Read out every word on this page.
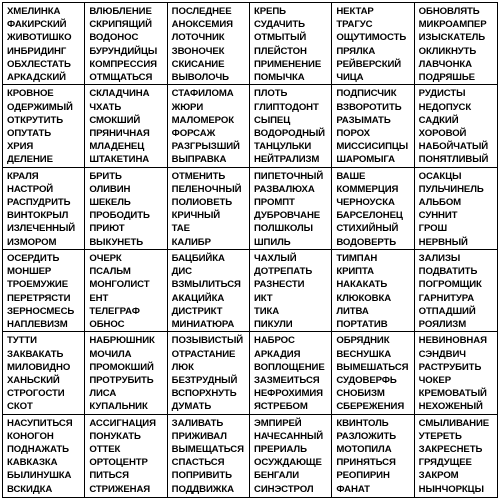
ХМЕЛИНКА
ФАКИРСКИЙ
ЖИВОТИШКО
ИНБРИДИНГ
ОБХЛЕСТАТЬ
АРКАДСКИЙ
ВЛЮБЛЕНИЕ
СКРИПЯЩИЙ
ВОДОНОС
БУРУНДИЙЦЫ
КОМПРЕССИЯ
ОТМЩАТЬСЯ
ПОСЛЕДНЕЕ
АНОКСЕМИЯ
ЛОТОЧНИК
ЗВОНОЧЕК
СКИСАНИЕ
ВЫВОЛОЧЬ
КРЕПЬ
СУДАЧИТЬ
ОТМЫТЫЙ
ПЛЕЙСТОН
ПРИМЕНЕНИЕ
ПОМЫЧКА
НЕКТАР
ТРАГУС
ОЩУТИМОСТЬ
ПРЯЛКА
РЕЙВЕРСКИЙ
ЧИЦА
ОБНОВЛЯТЬ
МИКРОАМПЕР
ИЗЫСКАТЕЛЬ
ОКЛИКНУТЬ
ЛАВЧОНКА
ПОДРЯШЬЕ
КРОВНОЕ
ОДЕРЖИМЫЙ
ОТКРУТИТЬ
ОПУТАТЬ
ХРИЯ
ДЕЛЕНИЕ
СКЛАДЧИНА
ЧХАТЬ
СМОКШИЙ
ПРЯНИЧНАЯ
МЛАДЕНЕЦ
ШТАКЕТИНА
СТАФИЛОМА
ЖЮРИ
МАЛОМЕРОК
ФОРСАЖ
РАЗГРЫЗШИЙ
ВЫПРАВКА
ПЛОТЬ
ГЛИПТОДОНТ
СЫПЕЦ
ВОДОРОДНЫЙ
ТАНЦУЛЬКИ
НЕЙТРАЛИЗМ
ПОДПИСЧИК
ВЗВОРОТИТЬ
РАЗЫМАТЬ
ПОРОХ
МИССИСИПЦЫ
ШАРОМЫГА
РУДИСТЫ
НЕДОПУСК
САДКИЙ
ХОРОВОЙ
НАБОЙЧАТЫЙ
ПОНЯТЛИВЫЙ
КРАЛЯ
НАСТРОЙ
РАСПУДРИТЬ
ВИНТОКРЫЛ
ИЗЛЕЧЕННЫЙ
ИЗМОРОМ
БРИТЬ
ОЛИВИН
ШЕКЕЛЬ
ПРОБОДИТЬ
ПРИЮТ
ВЫКУНЕТЬ
ОТМЕНИТЬ
ПЕЛЕНОЧНЫЙ
ПОЛИОВЕТЬ
КРИЧНЫЙ
ТАЕ
КАЛИБР
ПИПЕТОЧНЫЙ
РАЗВАЛЮХА
ПРОМПТ
ДУБРОВЧАНЕ
ПОЛШКОЛЫ
ШПИЛЬ
ВАШЕ
КОММЕРЦИЯ
ЧЕРНОУСКА
БАРСЕЛОНЕЦ
СТИХИЙНЫЙ
ВОДОВЕРТЬ
ОСАКЦЫ
ПУЛЬЧИНЕЛЬ
АЛЬБОМ
СУННИТ
ГРОШ
НЕРВНЫЙ
ОСЕРДИТЬ
МОНШЕР
ТРОЕМУЖИЕ
ПЕРЕТРЯСТИ
ЗЕРНОСМЕСЬ
НАПЛЕВИЗМ
ОЧЕРК
ПСАЛЬМ
МОНГОЛИСТ
ЕНТ
ТЕЛЕГРАФ
ОБНОС
БАЦБИЙКА
ДИС
ВЗМЫЛИТЬСЯ
АКАЦИЙКА
ДИСТРИКТ
МИНИАТЮРА
ЧАХЛЫЙ
ДОТРЕПАТЬ
РАЗНЕСТИ
ИКТ
ТИКА
ПИКУЛИ
ТИМПАН
КРИПТА
НАКАКАТЬ
КЛЮКОВКА
ЛИТВА
ПОРТАТИВ
ЗАЛИЗЫ
ПОДВАТИТЬ
ПОГРОМЩИК
ГАРНИТУРА
ОТПАДШИЙ
РОЯЛИЗМ
ТУТТИ
ЗАКВАКАТЬ
МИЛОВИДНО
ХАНЬСКИЙ
СТРОГОСТИ
СКОТ
НАБРЮШНИК
МОЧИЛА
ПРОМОКШИЙ
ПРОТРУБИТЬ
ЛИСА
КУПАЛЬНИК
ПОЗЫВИСТЫЙ
ОТРАСТАНИЕ
ЛЮК
БЕЗТРУДНЫЙ
ВСПОРХНУТЬ
ДУМАТЬ
НАБРОС
АРКАДИЯ
ВОПЛОЩЕНИЕ
ЗАЗМЕИТЬСЯ
НЕФРОХИМИЯ
ЯСТРЕБОМ
ОБРЯДНИК
ВЕСНУШКА
ВЫМЕШАТЬСЯ
СУДОВЕРФЬ
СНОБИЗМ
СБЕРЕЖЕНИЯ
НЕВИНОВНАЯ
СЭНДВИЧ
РАСТРУБИТЬ
ЧОКЕР
КРЕМОВАТЫЙ
НЕХОЖЕНЫЙ
НАСУПИТЬСЯ
КОНОГОН
ПОДНАЖАТЬ
КАВКАЗКА
БЫЛИНУШКА
ВСКИДКА
АССИГНАЦИЯ
ПОНУКАТЬ
ОТТЕК
ОРТОЦЕНТР
ПИТЬСЯ
СТРИЖЕНАЯ
ЗАЛИВАТЬ
ПРИЖИВАЛ
ВЫМЕЩАТЬСЯ
СПАСТЬСЯ
ПОПРИВИТЬ
ПОДДВИЖКА
ЭМПИРЕЙ
НАЧЕСАННЫЙ
ПРЕРИАЛЬ
ОСУЖДАЮЩЕ
БЕНГАЛИ
СИНЭСТРОЛ
КВИНТОЛЬ
РАЗЛОЖИТЬ
МОТОПИЛА
ПРИНЯТЬСЯ
РЕОПИРИН
ФАНАТ
СМЫЛИВАНИЕ
УТЕРЕТЬ
ЗАКРЕСНЕТЬ
ГРЯДУЩЕЕ
ЗАКРОМ
НЫНЧОРКЦЫ
